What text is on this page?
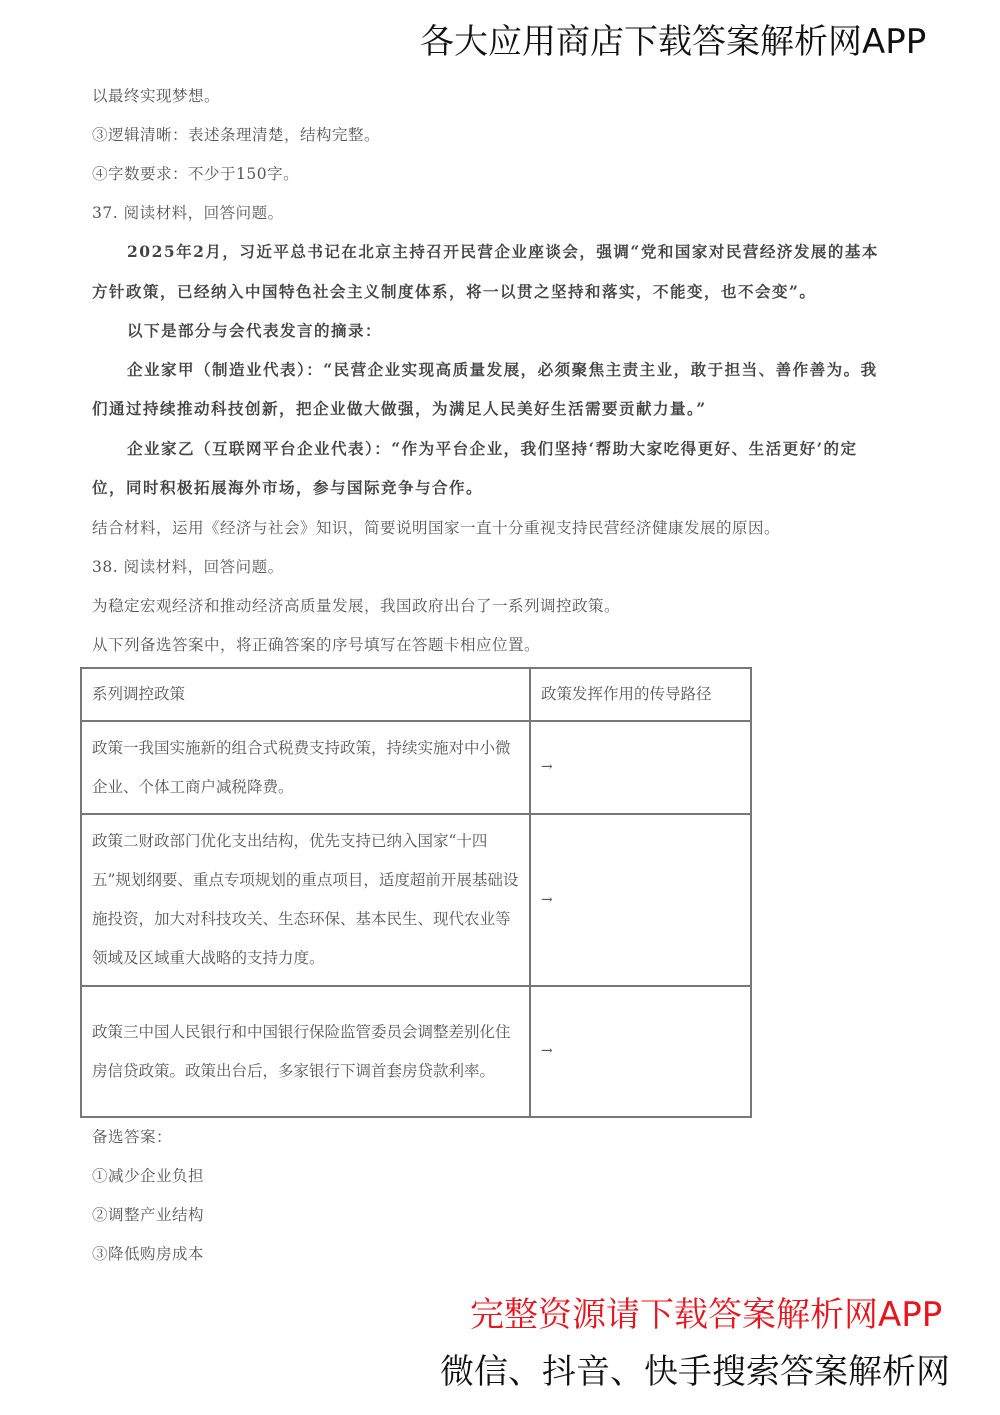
以最终实现梦想。
③逻辑清晰：表述条理清楚，结构完整。
④字数要求：不少于150字。
37. 阅读材料，回答问题。
2025年2月，习近平总书记在北京主持召开民营企业座谈会，强调“党和国家对民营经济发展的基本
方针政策，已经纳入中国特色社会主义制度体系，将一以贯之坚持和落实，不能变，也不会变”。
以下是部分与会代表发言的摘录：
企业家甲（制造业代表）：“民营企业实现高质量发展，必须聚焦主责主业，敢于担当、善作善为。我
们通过持续推动科技创新，把企业做大做强，为满足人民美好生活需要贡献力量。”
企业家乙（互联网平台企业代表）：“作为平台企业，我们坚持‘帮助大家吃得更好、生活更好’的定
位，同时积极拓展海外市场，参与国际竞争与合作。
结合材料，运用《经济与社会》知识，简要说明国家一直十分重视支持民营经济健康发展的原因。
38. 阅读材料，回答问题。
为稳定宏观经济和推动经济高质量发展，我国政府出台了一系列调控政策。
从下列备选答案中，将正确答案的序号填写在答题卡相应位置。
系列调控政策	政策发挥作用的传导路径
政策一我国实施新的组合式税费支持政策，持续实施对中小微企业、个体工商户减税降费。	→
政策二财政部门优化支出结构，优先支持已纳入国家“十四五”规划纲要、重点专项规划的重点项目，适度超前开展基础设施投资，加大对科技攻关、生态环保、基本民生、现代农业等领域及区域重大战略的支持力度。	→
政策三中国人民银行和中国银行保险监管委员会调整差别化住房信贷政策。政策出台后，多家银行下调首套房贷款利率。	→
备选答案：
①减少企业负担
②调整产业结构
③降低购房成本
各大应用商店下载答案解析网APP
完整资源请下载答案解析网APP
微信、抖音、快手搜索答案解析网
